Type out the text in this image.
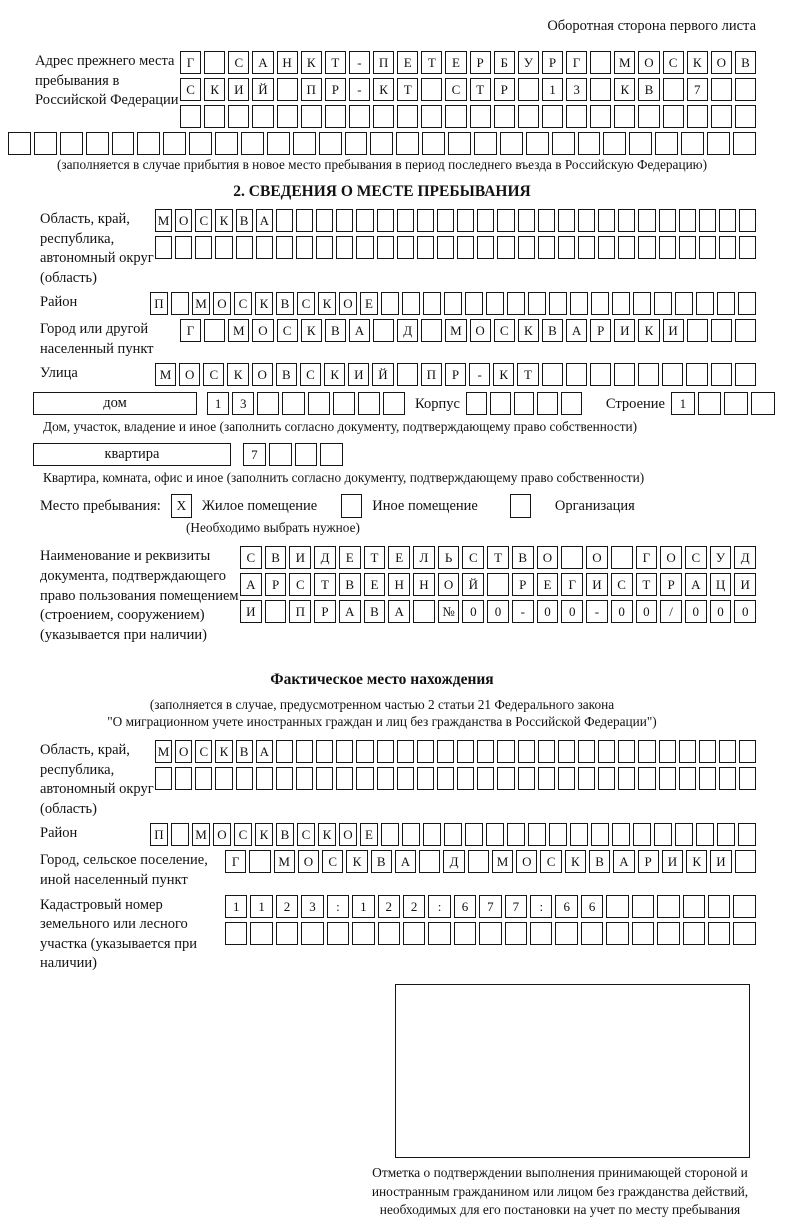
Оборотная сторона первого листа
Адрес прежнего места пребывания в Российской Федерации
Г	С	А	Н	К	Т	-	П	Е	Т	Е	Р	Б	У	Р	Г	М	О	С	К	О	В
С	К	И	Й	П	Р	-	К	Т	С	Т	Р	1	3	К	В	7
(заполняется в случае прибытия в новое место пребывания в период последнего въезда в Российскую Федерацию)
2. СВЕДЕНИЯ О МЕСТЕ ПРЕБЫВАНИЯ
Область, край, республика, автономный округ (область)
М О С К В А
Район	П	М О С К В С К О Е
Город или другой населенный пункт
Г	М	О	С	К	В	А	Д	М	О	С	К	В	А	Р	И	К	И
Улица	М	О	С	К	О	В	С	К	И	Й	П	Р	-	К	Т
дом	1	3	Корпус	Строение	1
Дом, участок, владение и иное (заполнить согласно документу, подтверждающему право собственности)
квартира	7
Квартира, комната, офис и иное (заполнить согласно документу, подтверждающему право собственности)
Место пребывания:	X	Жилое помещение	Иное помещение	Организация
(Необходимо выбрать нужное)
Наименование и реквизиты документа, подтверждающего право пользования помещением (строением, сооружением) (указывается при наличии)
С	В	И	Д	Е	Т	Е	Л	Ь	С	Т	В	О	О	Г	О	С	У	Д
А	Р	С	Т	В	Е	Н	Н	О	Й	Р	Е	Г	И	С	Т	Р	А	Ц	И
И	П	Р	А	В	А	№	0	0	-	0	0	-	0	0	/	0	0	0
Фактическое место нахождения
(заполняется в случае, предусмотренном частью 2 статьи 21 Федерального закона
"О миграционном учете иностранных граждан и лиц без гражданства в Российской Федерации")
Область, край, республика, автономный округ (область)
М О С К В А
Район	П	М О С К В С К О Е
Город, сельское поселение, иной населенный пункт
Г	М	О	С	К	В	А	Д	М	О	С	К	В	А	Р	И	К	И
Кадастровый номер земельного или лесного участка (указывается при наличии)
1	1	2	3	:	1	2	2	:	6	7	7	:	6	6
Отметка о подтверждении выполнения принимающей стороной и иностранным гражданином или лицом без гражданства действий, необходимых для его постановки на учет по месту пребывания
